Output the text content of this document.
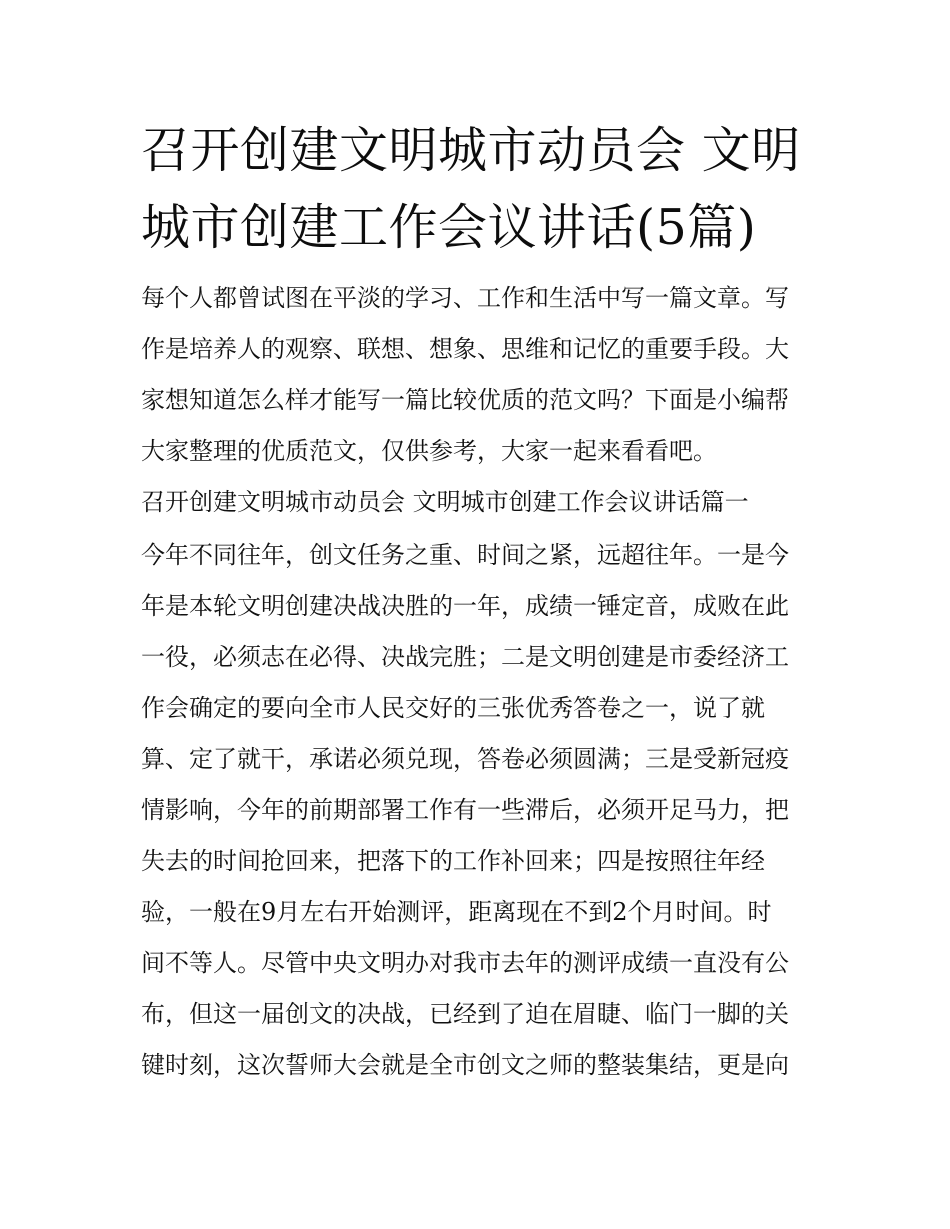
召开创建文明城市动员会 文明
城市创建工作会议讲话(5篇)
每个人都曾试图在平淡的学习、工作和生活中写一篇文章。写
作是培养人的观察、联想、想象、思维和记忆的重要手段。大
家想知道怎么样才能写一篇比较优质的范文吗？下面是小编帮
大家整理的优质范文，仅供参考，大家一起来看看吧。
召开创建文明城市动员会 文明城市创建工作会议讲话篇一
今年不同往年，创文任务之重、时间之紧，远超往年。一是今
年是本轮文明创建决战决胜的一年，成绩一锤定音，成败在此
一役，必须志在必得、决战完胜；二是文明创建是市委经济工
作会确定的要向全市人民交好的三张优秀答卷之一，说了就
算、定了就干，承诺必须兑现，答卷必须圆满；三是受新冠疫
情影响，今年的前期部署工作有一些滞后，必须开足马力，把
失去的时间抢回来，把落下的工作补回来；四是按照往年经
验，一般在9月左右开始测评，距离现在不到2个月时间。时
间不等人。尽管中央文明办对我市去年的测评成绩一直没有公
布，但这一届创文的决战，已经到了迫在眉睫、临门一脚的关
键时刻，这次誓师大会就是全市创文之师的整装集结，更是向
